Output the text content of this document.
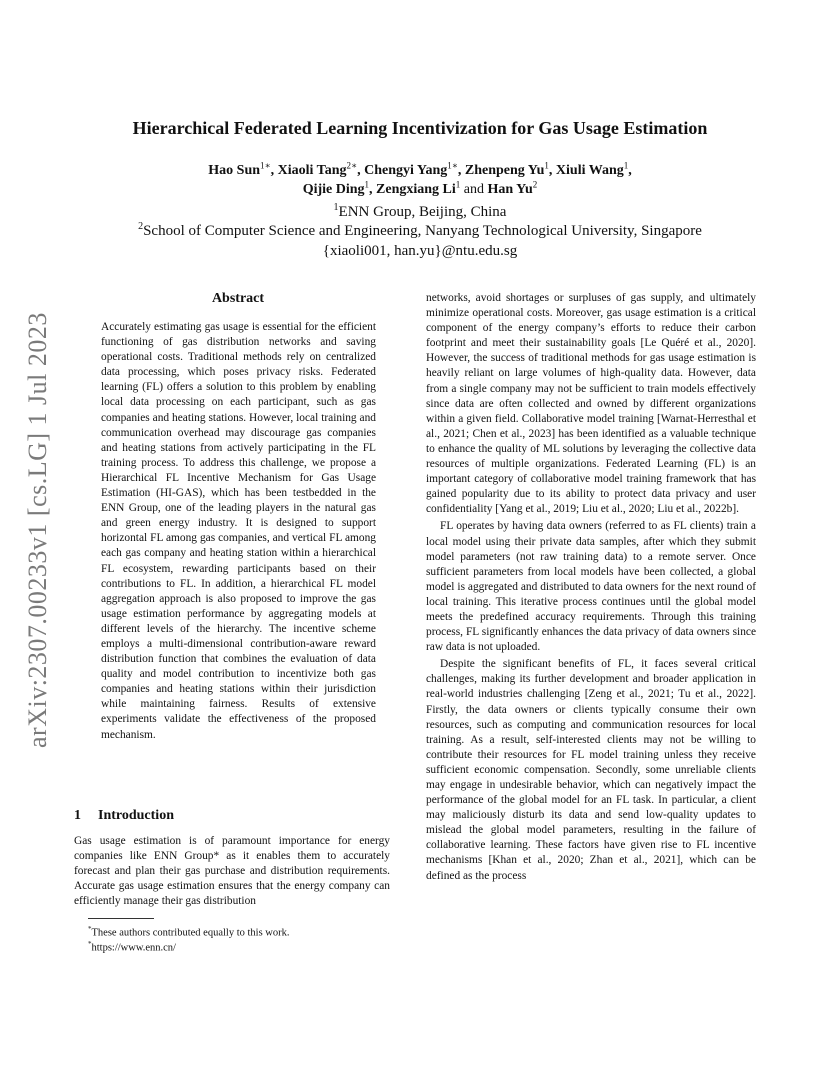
arXiv:2307.00233v1 [cs.LG] 1 Jul 2023
Hierarchical Federated Learning Incentivization for Gas Usage Estimation
Hao Sun$^{1∗}$, Xiaoli Tang$^{2∗}$, Chengyi Yang$^{1∗}$, Zhenpeng Yu$^1$, Xiuli Wang$^1$,
Qijie Ding$^1$, Zengxiang Li$^1$ and Han Yu$^2$
$^1$ENN Group, Beijing, China
$^2$School of Computer Science and Engineering, Nanyang Technological University, Singapore
{xiaoli001, han.yu}@ntu.edu.sg
Abstract

Accurately estimating gas usage is essential for the efficient functioning of gas distribution networks and saving operational costs. Traditional methods rely on centralized data processing, which poses privacy risks. Federated learning (FL) offers a solution to this problem by enabling local data processing on each participant, such as gas companies and heating stations. However, local training and communication overhead may discourage gas companies and heating stations from actively participating in the FL training process. To address this challenge, we propose a Hierarchical FL Incentive Mechanism for Gas Usage Estimation (HI-GAS), which has been testbedded in the ENN Group, one of the leading players in the natural gas and green energy industry. It is designed to support horizontal FL among gas companies, and vertical FL among each gas company and heating station within a hierarchical FL ecosystem, rewarding participants based on their contributions to FL. In addition, a hierarchical FL model aggregation approach is also proposed to improve the gas usage estimation performance by aggregating models at different levels of the hierarchy. The incentive scheme employs a multi-dimensional contribution-aware reward distribution function that combines the evaluation of data quality and model contribution to incentivize both gas companies and heating stations within their jurisdiction while maintaining fairness. Results of extensive experiments validate the effectiveness of the proposed mechanism.

1 Introduction

Gas usage estimation is of paramount importance for energy companies like ENN Group* as it enables them to accurately forecast and plan their gas purchase and distribution requirements. Accurate gas usage estimation ensures that the energy company can efficiently manage their gas distribution

networks, avoid shortages or surpluses of gas supply, and ultimately minimize operational costs. Moreover, gas usage estimation is a critical component of the energy company’s efforts to reduce their carbon footprint and meet their sustainability goals [Le Quéré et al., 2020]. However, the success of traditional methods for gas usage estimation is heavily reliant on large volumes of high-quality data. However, data from a single company may not be sufficient to train models effectively since data are often collected and owned by different organizations within a given field. Collaborative model training [Warnat-Herresthal et al., 2021; Chen et al., 2023] has been identified as a valuable technique to enhance the quality of ML solutions by leveraging the collective data resources of multiple organizations. Federated Learning (FL) is an important category of collaborative model training framework that has gained popularity due to its ability to protect data privacy and user confidentiality [Yang et al., 2019; Liu et al., 2020; Liu et al., 2022b].

FL operates by having data owners (referred to as FL clients) train a local model using their private data samples, after which they submit model parameters (not raw training data) to a remote server. Once sufficient parameters from local models have been collected, a global model is aggregated and distributed to data owners for the next round of local training. This iterative process continues until the global model meets the predefined accuracy requirements. Through this training process, FL significantly enhances the data privacy of data owners since raw data is not uploaded.

Despite the significant benefits of FL, it faces several critical challenges, making its further development and broader application in real-world industries challenging [Zeng et al., 2021; Tu et al., 2022]. Firstly, the data owners or clients typically consume their own resources, such as computing and communication resources for local training. As a result, self-interested clients may not be willing to contribute their resources for FL model training unless they receive sufficient economic compensation. Secondly, some unreliable clients may engage in undesirable behavior, which can negatively impact the performance of the global model for an FL task. In particular, a client may maliciously disturb its data and send low-quality updates to mislead the global model parameters, resulting in the failure of collaborative learning. These factors have given rise to FL incentive mechanisms [Khan et al., 2020; Zhan et al., 2021], which can be defined as the process

*These authors contributed equally to this work.
*https://www.enn.cn/
